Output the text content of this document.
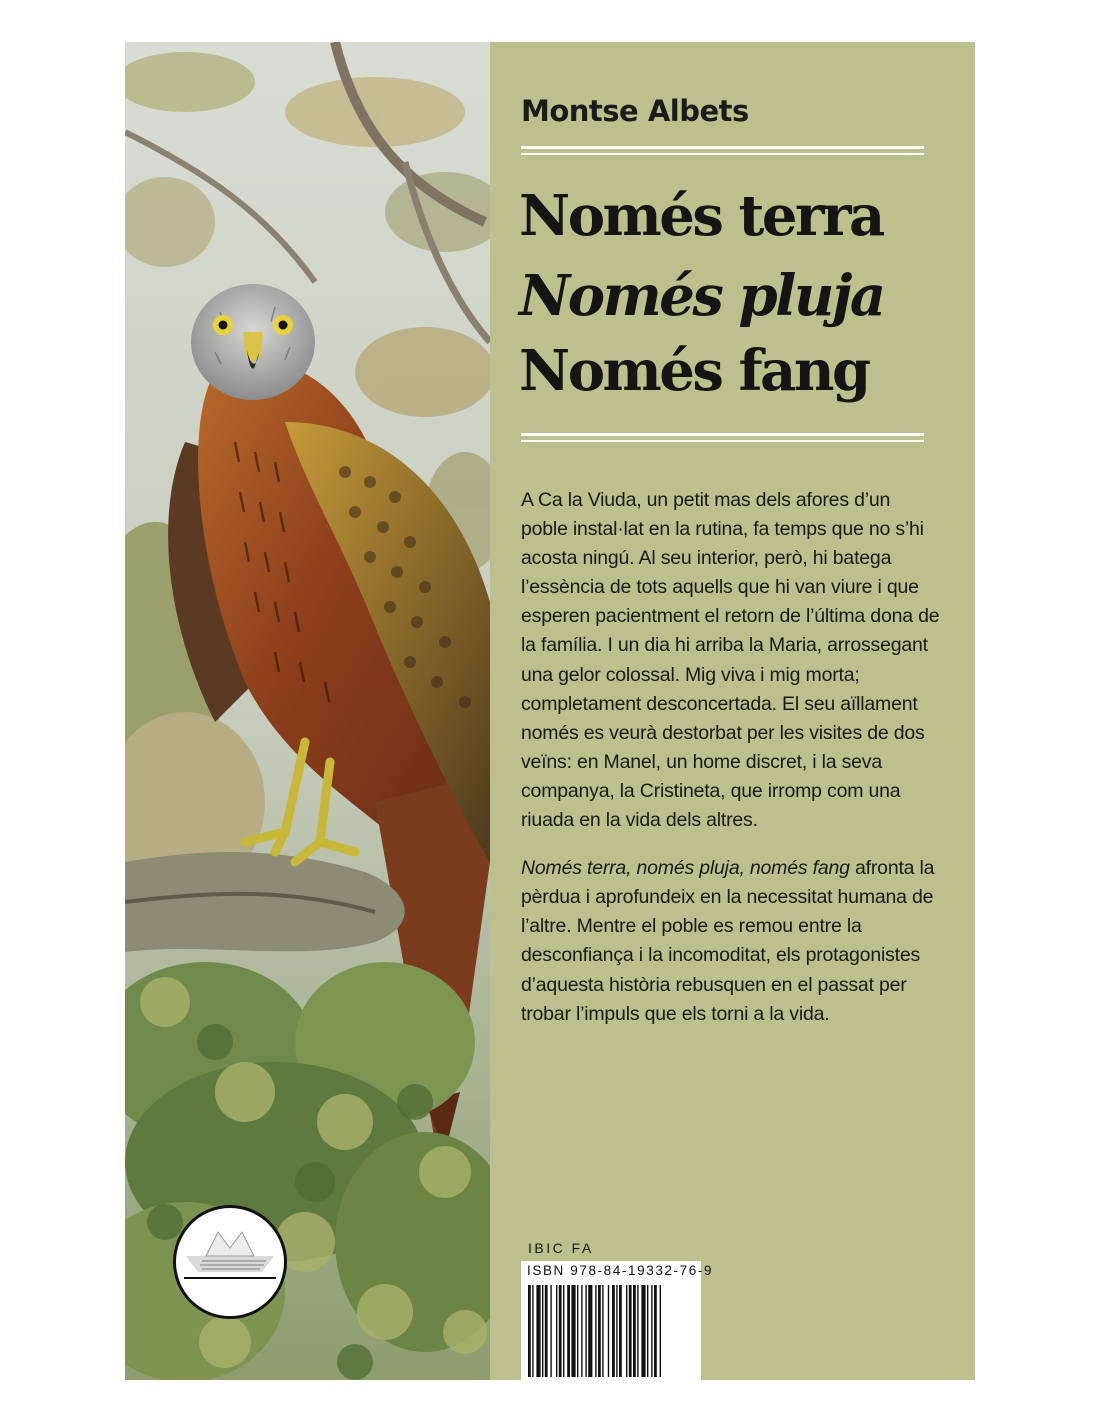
Montse Albets
Només terra
Només pluja
Només fang

A Ca la Viuda, un petit mas dels afores d’un poble instal·lat en la rutina, fa temps que no s’hi acosta ningú. Al seu interior, però, hi batega l’essència de tots aquells que hi van viure i que esperen pacientment el retorn de l’última dona de la família. I un dia hi arriba la Maria, arrossegant una gelor colossal. Mig viva i mig morta; completament desconcertada. El seu aïllament només es veurà destorbat per les visites de dos veïns: en Manel, un home discret, i la seva companya, la Cristineta, que irromp com una riuada en la vida dels altres.

Només terra, només pluja, només fang afronta la pèrdua i aprofundeix en la necessitat humana de l’altre. Mentre el poble es remou entre la desconfiança i la incomoditat, els protagonistes d’aquesta història rebusquen en el passat per trobar l’impuls que els torni a la vida.

IBIC FA
ISBN 978-84-19332-76-9
